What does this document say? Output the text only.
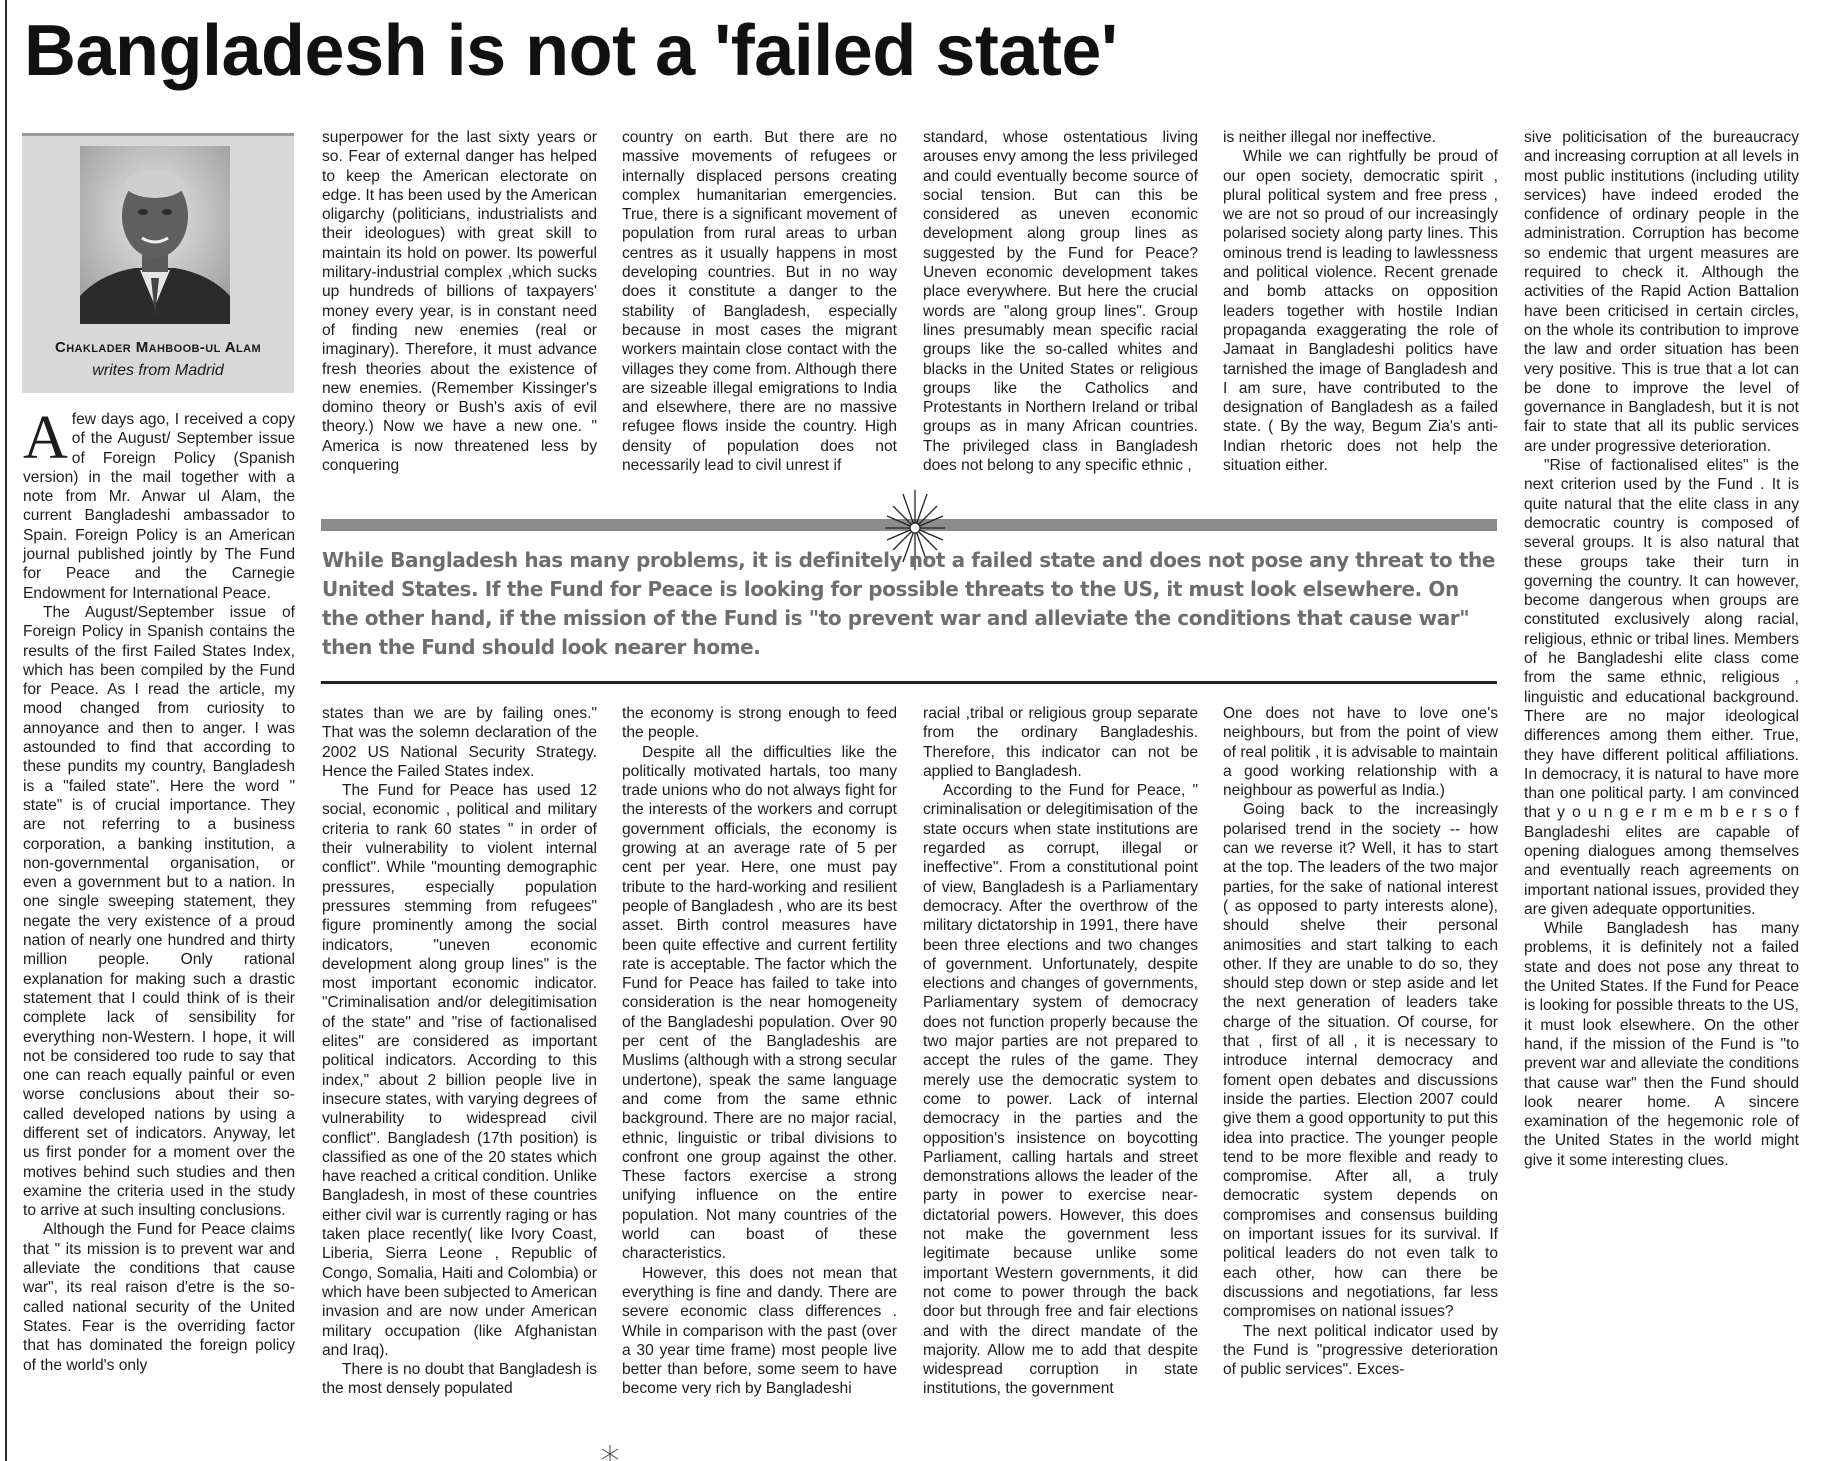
Bangladesh is not a 'failed state'
Chaklader Mahboob-ul Alam
writes from Madrid

Afew days ago, I received a copy of the August/ September issue of Foreign Policy (Spanish version) in the mail together with a note from Mr. Anwar ul Alam, the current Bangladeshi ambassador to Spain. Foreign Policy is an American journal published jointly by The Fund for Peace and the Carnegie Endowment for International Peace.

The August/September issue of Foreign Policy in Spanish contains the results of the first Failed States Index, which has been compiled by the Fund for Peace. As I read the article, my mood changed from curiosity to annoyance and then to anger. I was astounded to find that according to these pundits my country, Bangladesh is a "failed state". Here the word " state" is of crucial importance. They are not referring to a business corporation, a banking institution, a non-governmental organisation, or even a government but to a nation. In one single sweeping statement, they negate the very existence of a proud nation of nearly one hundred and thirty million people. Only rational explanation for making such a drastic statement that I could think of is their complete lack of sensibility for everything non-Western. I hope, it will not be considered too rude to say that one can reach equally painful or even worse conclusions about their so-called developed nations by using a different set of indicators. Anyway, let us first ponder for a moment over the motives behind such studies and then examine the criteria used in the study to arrive at such insulting conclusions.

Although the Fund for Peace claims that " its mission is to prevent war and alleviate the conditions that cause war", its real raison d'etre is the so-called national security of the United States. Fear is the overriding factor that has dominated the foreign policy of the world's only

superpower for the last sixty years or so. Fear of external danger has helped to keep the American electorate on edge. It has been used by the American oligarchy (politicians, industrialists and their ideologues) with great skill to maintain its hold on power. Its powerful military-industrial complex ,which sucks up hundreds of billions of taxpayers' money every year, is in constant need of finding new enemies (real or imaginary). Therefore, it must advance fresh theories about the existence of new enemies. (Remember Kissinger's domino theory or Bush's axis of evil theory.) Now we have a new one. " America is now threatened less by conquering

country on earth. But there are no massive movements of refugees or internally displaced persons creating complex humanitarian emergencies. True, there is a significant movement of population from rural areas to urban centres as it usually happens in most developing countries. But in no way does it constitute a danger to the stability of Bangladesh, especially because in most cases the migrant workers maintain close contact with the villages they come from. Although there are sizeable illegal emigrations to India and elsewhere, there are no massive refugee flows inside the country. High density of population does not necessarily lead to civil unrest if

standard, whose ostentatious living arouses envy among the less privileged and could eventually become source of social tension. But can this be considered as uneven economic development along group lines as suggested by the Fund for Peace? Uneven economic development takes place everywhere. But here the crucial words are "along group lines". Group lines presumably mean specific racial groups like the so-called whites and blacks in the United States or religious groups like the Catholics and Protestants in Northern Ireland or tribal groups as in many African countries. The privileged class in Bangladesh does not belong to any specific ethnic ,

is neither illegal nor ineffective.

While we can rightfully be proud of our open society, democratic spirit , plural political system and free press , we are not so proud of our increasingly polarised society along party lines. This ominous trend is leading to lawlessness and political violence. Recent grenade and bomb attacks on opposition leaders together with hostile Indian propaganda exaggerating the role of Jamaat in Bangladeshi politics have tarnished the image of Bangladesh and I am sure, have contributed to the designation of Bangladesh as a failed state. ( By the way, Begum Zia's anti-Indian rhetoric does not help the situation either.

sive politicisation of the bureaucracy and increasing corruption at all levels in most public institutions (including utility services) have indeed eroded the confidence of ordinary people in the administration. Corruption has become so endemic that urgent measures are required to check it. Although the activities of the Rapid Action Battalion have been criticised in certain circles, on the whole its contribution to improve the law and order situation has been very positive. This is true that a lot can be done to improve the level of governance in Bangladesh, but it is not fair to state that all its public services are under progressive deterioration.

"Rise of factionalised elites" is the next criterion used by the Fund . It is quite natural that the elite class in any democratic country is composed of several groups. It is also natural that these groups take their turn in governing the country. It can however, become dangerous when groups are constituted exclusively along racial, religious, ethnic or tribal lines. Members of he Bangladeshi elite class come from the same ethnic, religious , linguistic and educational background. There are no major ideological differences among them either. True, they have different political affiliations. In democracy, it is natural to have more than one political party. I am convinced that y o u n g e r m e m b e r s o f Bangladeshi elites are capable of opening dialogues among themselves and eventually reach agreements on important national issues, provided they are given adequate opportunities.

While Bangladesh has many problems, it is definitely not a failed state and does not pose any threat to the United States. If the Fund for Peace is looking for possible threats to the US, it must look elsewhere. On the other hand, if the mission of the Fund is "to prevent war and alleviate the conditions that cause war" then the Fund should look nearer home. A sincere examination of the hegemonic role of the United States in the world might give it some interesting clues.

While Bangladesh has many problems, it is definitely not a failed state and does not pose any threat to the United States. If the Fund for Peace is looking for possible threats to the US, it must look elsewhere. On the other hand, if the mission of the Fund is "to prevent war and alleviate the conditions that cause war" then the Fund should look nearer home.

states than we are by failing ones." That was the solemn declaration of the 2002 US National Security Strategy. Hence the Failed States index.

The Fund for Peace has used 12 social, economic , political and military criteria to rank 60 states " in order of their vulnerability to violent internal conflict". While "mounting demographic pressures, especially population pressures stemming from refugees" figure prominently among the social indicators, "uneven economic development along group lines" is the most important economic indicator. "Criminalisation and/or delegitimisation of the state" and "rise of factionalised elites" are considered as important political indicators. According to this index," about 2 billion people live in insecure states, with varying degrees of vulnerability to widespread civil conflict". Bangladesh (17th position) is classified as one of the 20 states which have reached a critical condition. Unlike Bangladesh, in most of these countries either civil war is currently raging or has taken place recently( like Ivory Coast, Liberia, Sierra Leone , Republic of Congo, Somalia, Haiti and Colombia) or which have been subjected to American invasion and are now under American military occupation (like Afghanistan and Iraq).

There is no doubt that Bangladesh is the most densely populated

the economy is strong enough to feed the people.

Despite all the difficulties like the politically motivated hartals, too many trade unions who do not always fight for the interests of the workers and corrupt government officials, the economy is growing at an average rate of 5 per cent per year. Here, one must pay tribute to the hard-working and resilient people of Bangladesh , who are its best asset. Birth control measures have been quite effective and current fertility rate is acceptable. The factor which the Fund for Peace has failed to take into consideration is the near homogeneity of the Bangladeshi population. Over 90 per cent of the Bangladeshis are Muslims (although with a strong secular undertone), speak the same language and come from the same ethnic background. There are no major racial, ethnic, linguistic or tribal divisions to confront one group against the other. These factors exercise a strong unifying influence on the entire population. Not many countries of the world can boast of these characteristics.

However, this does not mean that everything is fine and dandy. There are severe economic class differences . While in comparison with the past (over a 30 year time frame) most people live better than before, some seem to have become very rich by Bangladeshi

racial ,tribal or religious group separate from the ordinary Bangladeshis. Therefore, this indicator can not be applied to Bangladesh.

According to the Fund for Peace, " criminalisation or delegitimisation of the state occurs when state institutions are regarded as corrupt, illegal or ineffective". From a constitutional point of view, Bangladesh is a Parliamentary democracy. After the overthrow of the military dictatorship in 1991, there have been three elections and two changes of government. Unfortunately, despite elections and changes of governments, Parliamentary system of democracy does not function properly because the two major parties are not prepared to accept the rules of the game. They merely use the democratic system to come to power. Lack of internal democracy in the parties and the opposition's insistence on boycotting Parliament, calling hartals and street demonstrations allows the leader of the party in power to exercise near-dictatorial powers. However, this does not make the government less legitimate because unlike some important Western governments, it did not come to power through the back door but through free and fair elections and with the direct mandate of the majority. Allow me to add that despite widespread corruption in state institutions, the government

One does not have to love one's neighbours, but from the point of view of real politik , it is advisable to maintain a good working relationship with a neighbour as powerful as India.)

Going back to the increasingly polarised trend in the society -- how can we reverse it? Well, it has to start at the top. The leaders of the two major parties, for the sake of national interest ( as opposed to party interests alone), should shelve their personal animosities and start talking to each other. If they are unable to do so, they should step down or step aside and let the next generation of leaders take charge of the situation. Of course, for that , first of all , it is necessary to introduce internal democracy and foment open debates and discussions inside the parties. Election 2007 could give them a good opportunity to put this idea into practice. The younger people tend to be more flexible and ready to compromise. After all, a truly democratic system depends on compromises and consensus building on important issues for its survival. If political leaders do not even talk to each other, how can there be discussions and negotiations, far less compromises on national issues?

The next political indicator used by the Fund is "progressive deterioration of public services". Exces-
